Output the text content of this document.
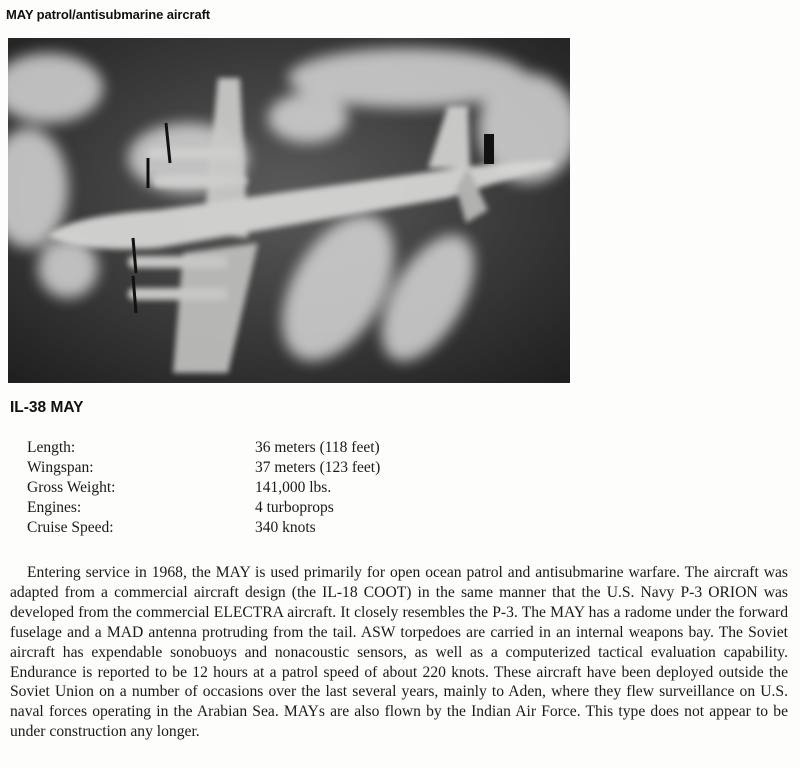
MAY patrol/antisubmarine aircraft
IL-38 MAY
Length:	36 meters (118 feet)
Wingspan:	37 meters (123 feet)
Gross Weight:	141,000 lbs.
Engines:	4 turboprops
Cruise Speed:	340 knots

Entering service in 1968, the MAY is used primarily for open ocean patrol and antisubmarine warfare. The aircraft was adapted from a commercial aircraft design (the IL-18 COOT) in the same manner that the U.S. Navy P-3 ORION was developed from the commercial ELECTRA aircraft. It closely resembles the P-3. The MAY has a radome under the forward fuselage and a MAD antenna protruding from the tail. ASW torpedoes are carried in an internal weapons bay. The Soviet aircraft has expendable sonobuoys and nonacoustic sensors, as well as a computerized tactical evaluation capability. Endurance is reported to be 12 hours at a patrol speed of about 220 knots. These aircraft have been deployed outside the Soviet Union on a number of occasions over the last several years, mainly to Aden, where they flew surveillance on U.S. naval forces operating in the Arabian Sea. MAYs are also flown by the Indian Air Force. This type does not appear to be under construction any longer.
